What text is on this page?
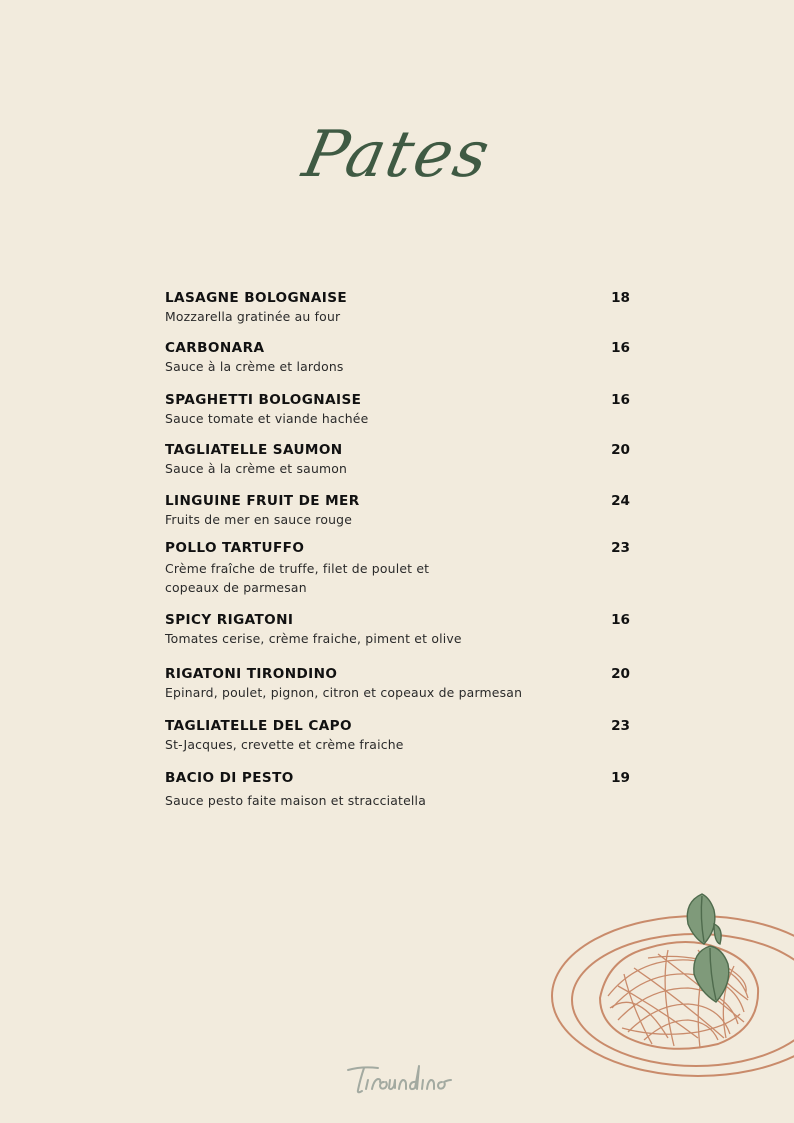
Pates
LASAGNE BOLOGNAISE	18
Mozzarella gratinée au four
CARBONARA	16
Sauce à la crème et lardons
SPAGHETTI BOLOGNAISE	16
Sauce tomate et viande hachée
TAGLIATELLE SAUMON	20
Sauce à la crème et saumon
LINGUINE FRUIT DE MER	24
Fruits de mer en sauce rouge
POLLO TARTUFFO	23
Crème fraîche de truffe, filet de poulet et
copeaux de parmesan
SPICY RIGATONI	16
Tomates cerise, crème fraiche, piment et olive
RIGATONI TIRONDINO	20
Epinard, poulet, pignon, citron et copeaux de parmesan
TAGLIATELLE DEL CAPO	23
St-Jacques, crevette et crème fraiche
BACIO DI PESTO	19
Sauce pesto faite maison et stracciatella
